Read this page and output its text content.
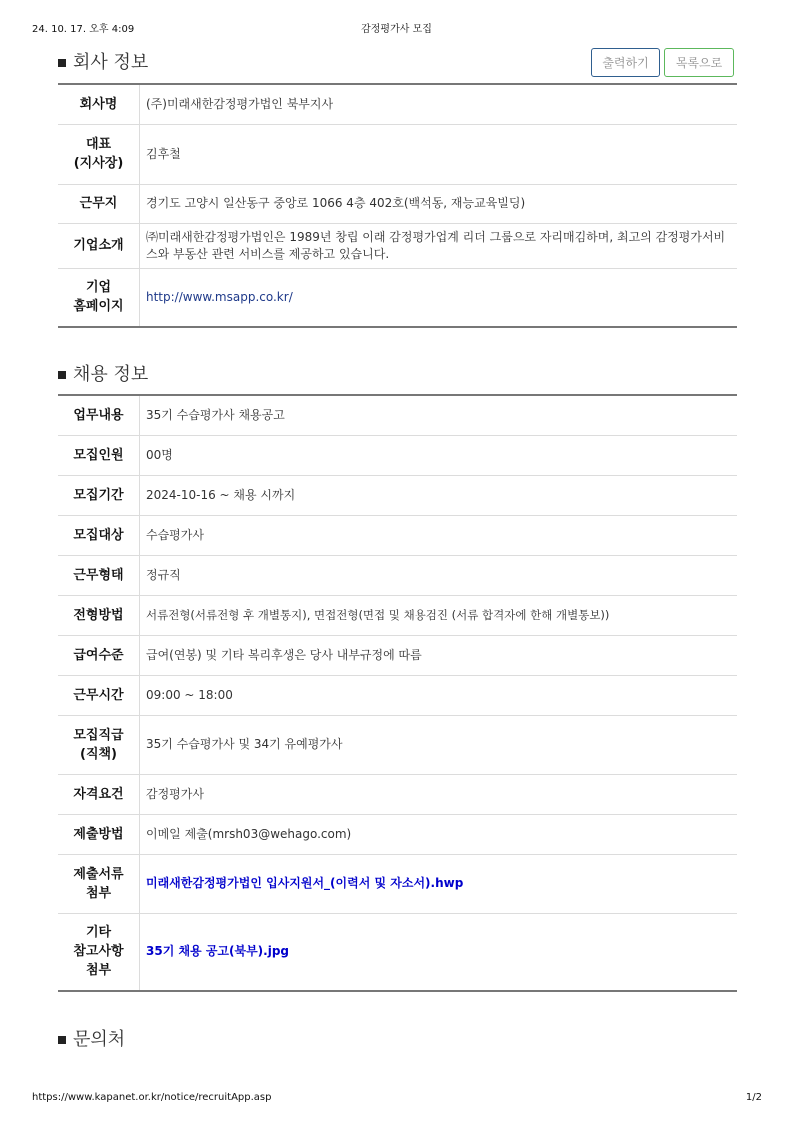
24. 10. 17. 오후 4:09	감정평가사 모집
회사 정보	출력하기	목록으로
회사명	(주)미래새한감정평가법인 북부지사
대표
(지사장)	김후철
근무지	경기도 고양시 일산동구 중앙로 1066 4층 402호(백석동, 재능교육빌딩)
기업소개	㈜미래새한감정평가법인은 1989년 창립 이래 감정평가업계 리더 그룹으로 자리매김하며, 최고의 감정평가서비스와 부동산 관련 서비스를 제공하고 있습니다.
기업
홈페이지	http://www.msapp.co.kr/
채용 정보
업무내용	35기 수습평가사 채용공고
모집인원	00명
모집기간	2024-10-16 ~ 채용 시까지
모집대상	수습평가사
근무형태	정규직
전형방법	서류전형(서류전형 후 개별통지), 면접전형(면접 및 채용검진 (서류 합격자에 한해 개별통보))
급여수준	급여(연봉) 및 기타 복리후생은 당사 내부규정에 따름
근무시간	09:00 ~ 18:00
모집직급
(직책)	35기 수습평가사 및 34기 유예평가사
자격요건	감정평가사
제출방법	이메일 제출(mrsh03@wehago.com)
제출서류
첨부	미래새한감정평가법인 입사지원서_(이력서 및 자소서).hwp
기타
참고사항
첨부	35기 채용 공고(북부).jpg
문의처
https://www.kapanet.or.kr/notice/recruitApp.asp	1/2
